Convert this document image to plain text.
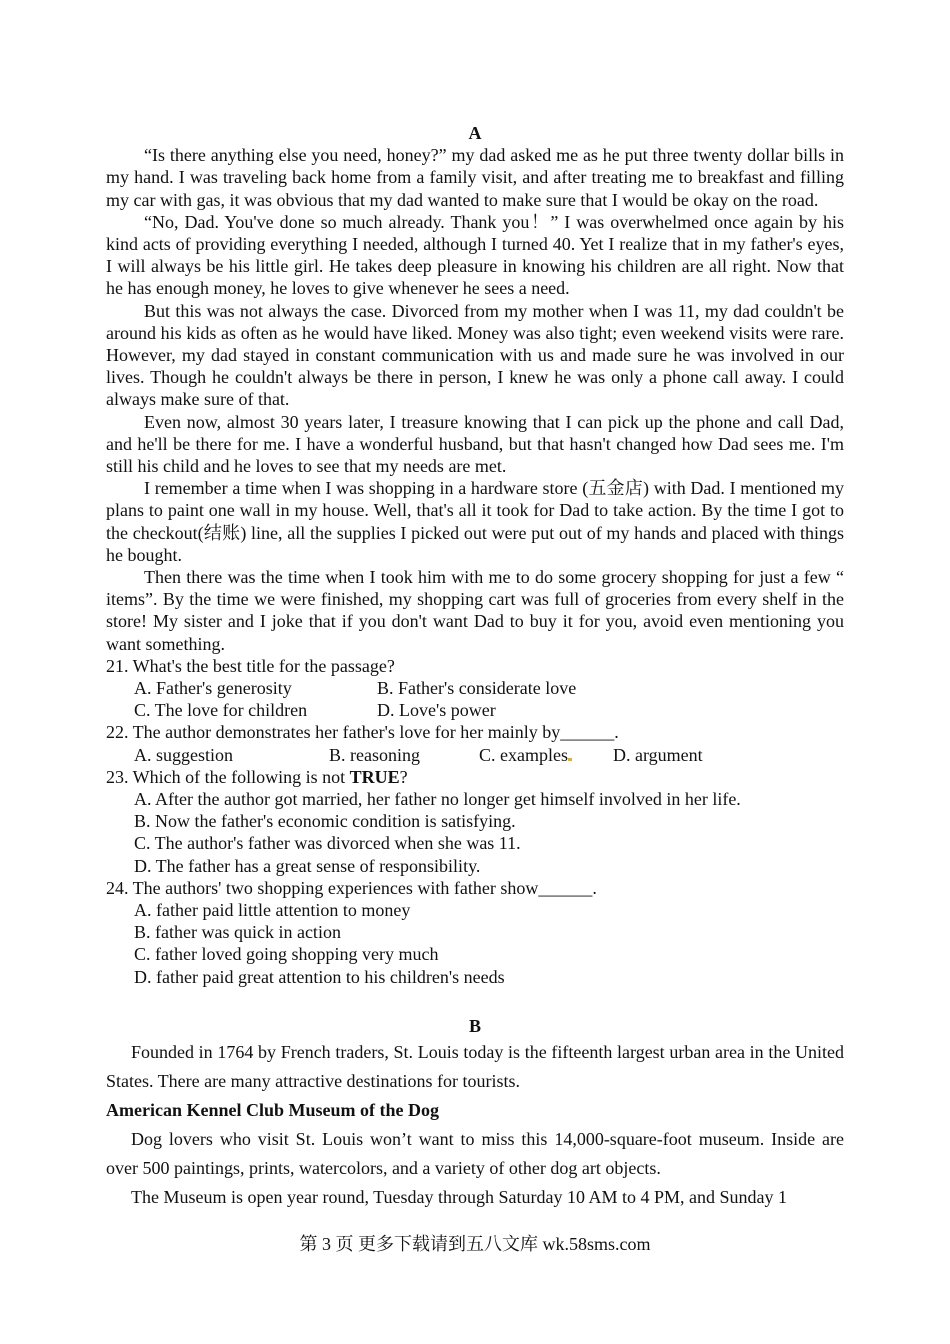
A

“Is there anything else you need, honey?” my dad asked me as he put three twenty dollar bills in my hand. I was traveling back home from a family visit, and after treating me to breakfast and filling my car with gas, it was obvious that my dad wanted to make sure that I would be okay on the road.

“No, Dad. You've done so much already. Thank you！” I was overwhelmed once again by his kind acts of providing everything I needed, although I turned 40. Yet I realize that in my father's eyes, I will always be his little girl. He takes deep pleasure in knowing his children are all right. Now that he has enough money, he loves to give whenever he sees a need.

But this was not always the case. Divorced from my mother when I was 11, my dad couldn't be around his kids as often as he would have liked. Money was also tight; even weekend visits were rare. However, my dad stayed in constant communication with us and made sure he was involved in our lives. Though he couldn't always be there in person, I knew he was only a phone call away. I could always make sure of that.

Even now, almost 30 years later, I treasure knowing that I can pick up the phone and call Dad, and he'll be there for me. I have a wonderful husband, but that hasn't changed how Dad sees me. I'm still his child and he loves to see that my needs are met.

I remember a time when I was shopping in a hardware store (五金店) with Dad. I mentioned my plans to paint one wall in my house. Well, that's all it took for Dad to take action. By the time I got to the checkout(结账) line, all the supplies I picked out were put out of my hands and placed with things he bought.

Then there was the time when I took him with me to do some grocery shopping for just a few “ items”. By the time we were finished, my shopping cart was full of groceries from every shelf in the store! My sister and I joke that if you don't want Dad to buy it for you, avoid even mentioning you want something.

21. What's the best title for the passage?

A. Father's generosity	B. Father's considerate love
C. The love for children	D. Love's power

22. The author demonstrates her father's love for her mainly by______.

A. suggestion	B. reasoning	C. examples	D. argument

23. Which of the following is not TRUE?

A. After the author got married, her father no longer get himself involved in her life.

B. Now the father's economic condition is satisfying.

C. The author's father was divorced when she was 11.

D. The father has a great sense of responsibility.

24. The authors' two shopping experiences with father show______.

A. father paid little attention to money

B. father was quick in action

C. father loved going shopping very much

D. father paid great attention to his children's needs

B

Founded in 1764 by French traders, St. Louis today is the fifteenth largest urban area in the United States. There are many attractive destinations for tourists.

American Kennel Club Museum of the Dog

Dog lovers who visit St. Louis won’t want to miss this 14,000-square-foot museum. Inside are over 500 paintings, prints, watercolors, and a variety of other dog art objects.

The Museum is open year round, Tuesday through Saturday 10 AM to 4 PM, and Sunday 1

第 3 页 更多下载请到五八文库 wk.58sms.com
